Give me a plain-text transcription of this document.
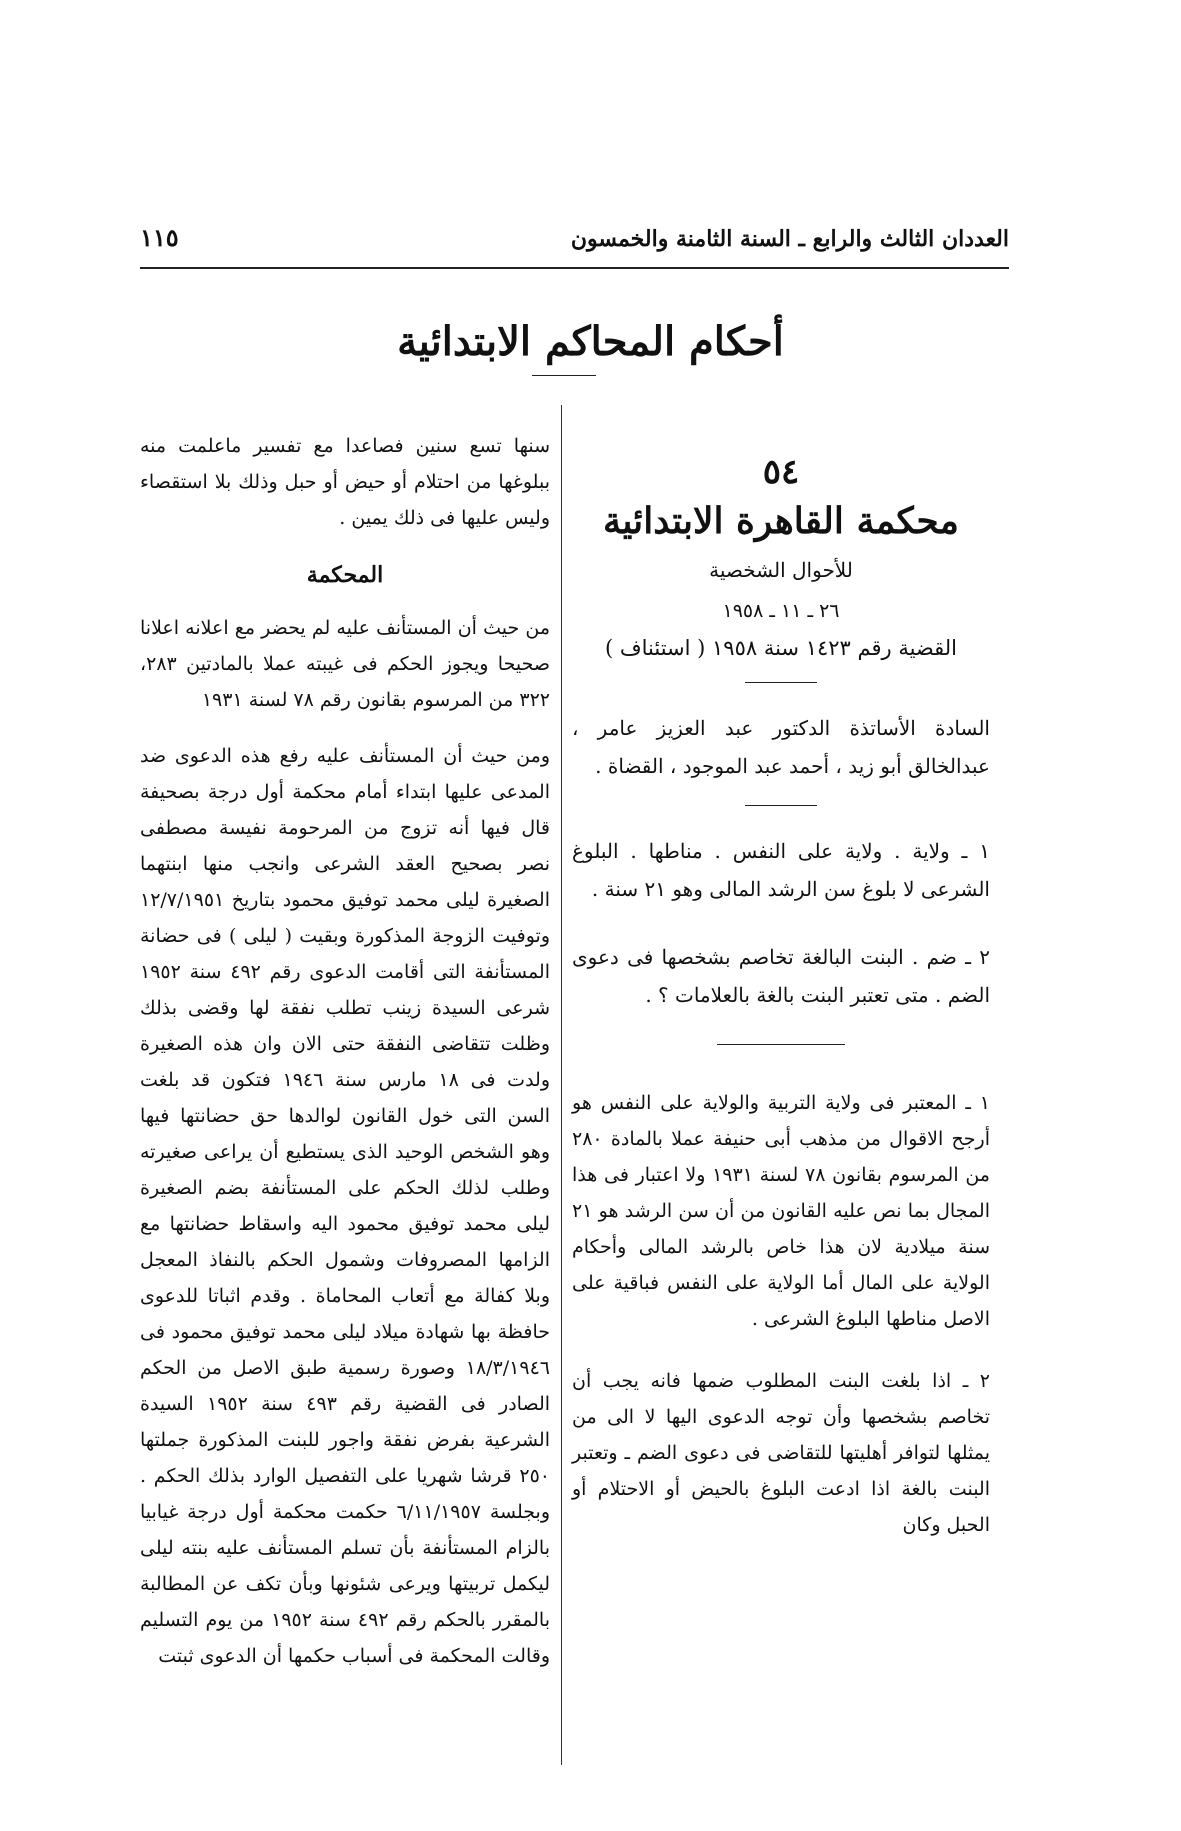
العددان الثالث والرابع ـ السنة الثامنة والخمسون
١١٥
أحكام المحاكم الابتدائية
٥٤
محكمة القاهرة الابتدائية
للأحوال الشخصية
٢٦ ـ ١١ ـ ١٩٥٨
القضية رقم ١٤٢٣ سنة ١٩٥٨ ( استئناف )

السادة الأساتذة الدكتور عبد العزيز عامر ، عبدالخالق أبو زيد ، أحمد عبد الموجود ، القضاة .

١ ـ ولاية . ولاية على النفس . مناطها . البلوغ الشرعى لا بلوغ سن الرشد المالى وهو ٢١ سنة .

٢ ـ ضم . البنت البالغة تخاصم بشخصها فى دعوى الضم . متى تعتبر البنت بالغة بالعلامات ؟ .

١ ـ المعتبر فى ولاية التربية والولاية على النفس هو أرجح الاقوال من مذهب أبى حنيفة عملا بالمادة ٢٨٠ من المرسوم بقانون ٧٨ لسنة ١٩٣١ ولا اعتبار فى هذا المجال بما نص عليه القانون من أن سن الرشد هو ٢١ سنة ميلادية لان هذا خاص بالرشد المالى وأحكام الولاية على المال أما الولاية على النفس فباقية على الاصل مناطها البلوغ الشرعى .

٢ ـ اذا بلغت البنت المطلوب ضمها فانه يجب أن تخاصم بشخصها وأن توجه الدعوى اليها لا الى من يمثلها لتوافر أهليتها للتقاضى فى دعوى الضم ـ وتعتبر البنت بالغة اذا ادعت البلوغ بالحيض أو الاحتلام أو الحبل وكان

سنها تسع سنين فصاعدا مع تفسير ماعلمت منه ببلوغها من احتلام أو حيض أو حبل وذلك بلا استقصاء وليس عليها فى ذلك يمين .

المحكمة

من حيث أن المستأنف عليه لم يحضر مع اعلانه اعلانا صحيحا ويجوز الحكم فى غيبته عملا بالمادتين ٢٨٣، ٣٢٢ من المرسوم بقانون رقم ٧٨ لسنة ١٩٣١

ومن حيث أن المستأنف عليه رفع هذه الدعوى ضد المدعى عليها ابتداء أمام محكمة أول درجة بصحيفة قال فيها أنه تزوج من المرحومة نفيسة مصطفى نصر بصحيح العقد الشرعى وانجب منها ابنتهما الصغيرة ليلى محمد توفيق محمود بتاريخ ١٢/٧/١٩٥١ وتوفيت الزوجة المذكورة وبقيت ( ليلى ) فى حضانة المستأنفة التى أقامت الدعوى رقم ٤٩٢ سنة ١٩٥٢ شرعى السيدة زينب تطلب نفقة لها وقضى بذلك وظلت تتقاضى النفقة حتى الان وان هذه الصغيرة ولدت فى ١٨ مارس سنة ١٩٤٦ فتكون قد بلغت السن التى خول القانون لوالدها حق حضانتها فيها وهو الشخص الوحيد الذى يستطيع أن يراعى صغيرته وطلب لذلك الحكم على المستأنفة بضم الصغيرة ليلى محمد توفيق محمود اليه واسقاط حضانتها مع الزامها المصروفات وشمول الحكم بالنفاذ المعجل وبلا كفالة مع أتعاب المحاماة . وقدم اثباتا للدعوى حافظة بها شهادة ميلاد ليلى محمد توفيق محمود فى ١٨/٣/١٩٤٦ وصورة رسمية طبق الاصل من الحكم الصادر فى القضية رقم ٤٩٣ سنة ١٩٥٢ السيدة الشرعية بفرض نفقة واجور للبنت المذكورة جملتها ٢٥٠ قرشا شهريا على التفصيل الوارد بذلك الحكم . وبجلسة ٦/١١/١٩٥٧ حكمت محكمة أول درجة غيابيا بالزام المستأنفة بأن تسلم المستأنف عليه بنته ليلى ليكمل تربيتها ويرعى شئونها وبأن تكف عن المطالبة بالمقرر بالحكم رقم ٤٩٢ سنة ١٩٥٢ من يوم التسليم وقالت المحكمة فى أسباب حكمها أن الدعوى ثبتت
